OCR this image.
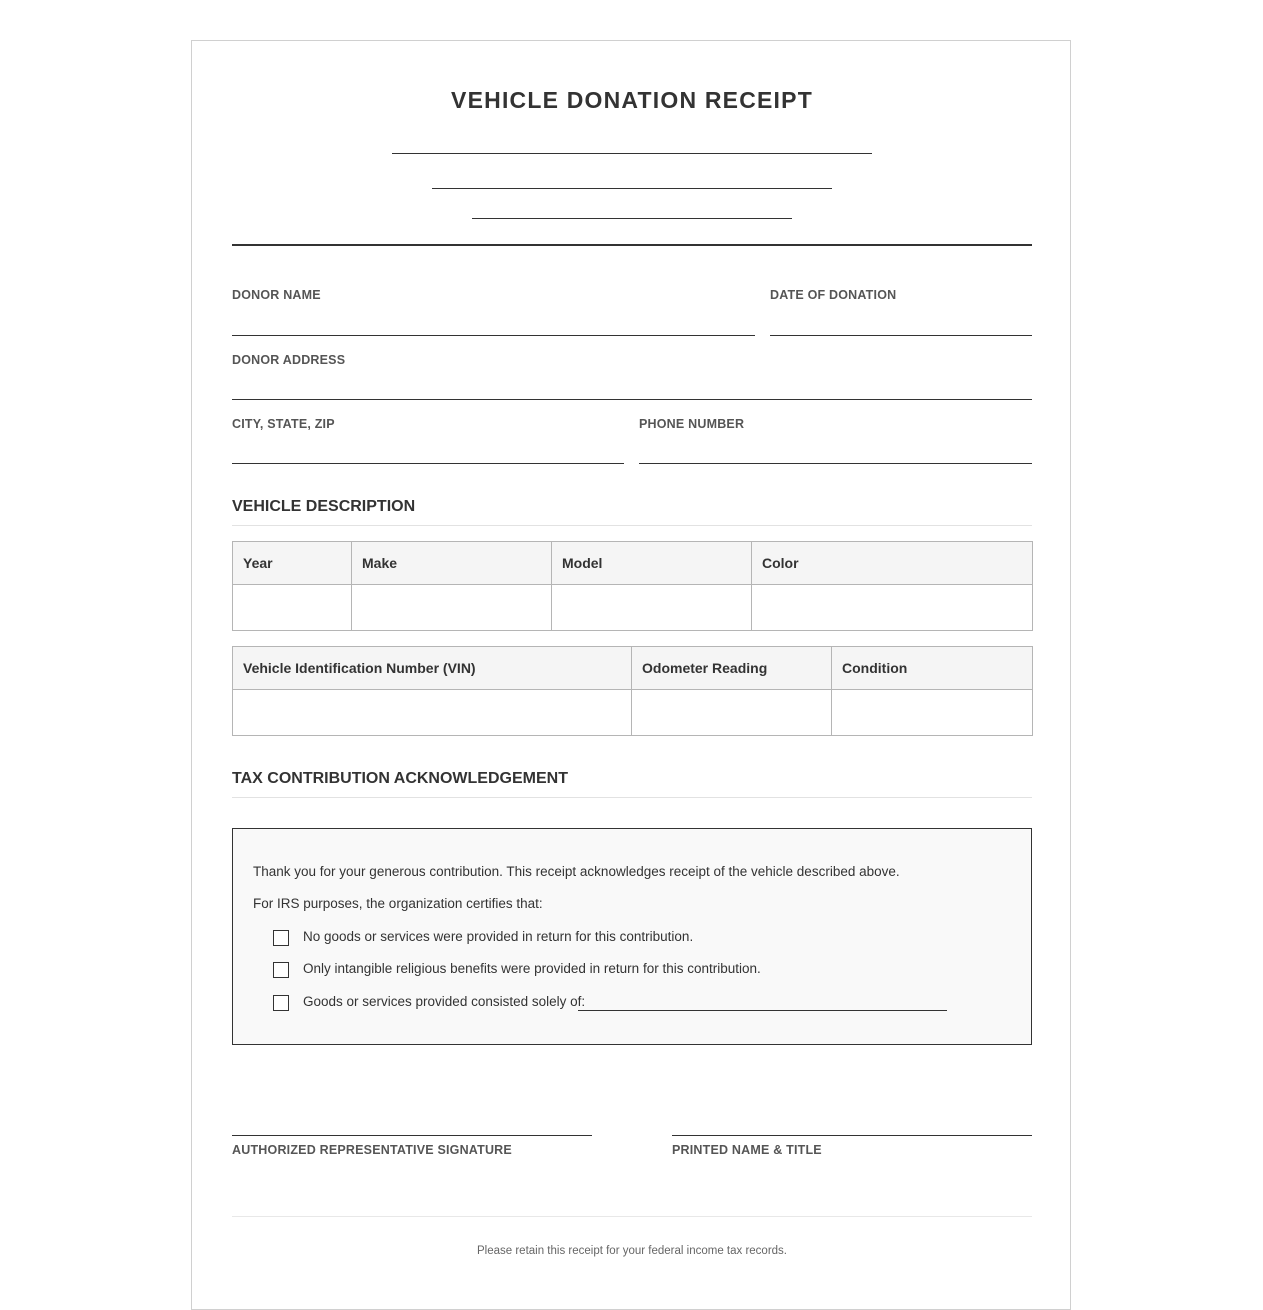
VEHICLE DONATION RECEIPT
DONOR NAME	DATE OF DONATION
DONOR ADDRESS
CITY, STATE, ZIP	PHONE NUMBER
VEHICLE DESCRIPTION
Year	Make	Model	Color

Vehicle Identification Number (VIN)	Odometer Reading	Condition

TAX CONTRIBUTION ACKNOWLEDGEMENT
Thank you for your generous contribution. This receipt acknowledges receipt of the vehicle described above.
For IRS purposes, the organization certifies that:
No goods or services were provided in return for this contribution.
Only intangible religious benefits were provided in return for this contribution.
Goods or services provided consisted solely of:
AUTHORIZED REPRESENTATIVE SIGNATURE	PRINTED NAME & TITLE
Please retain this receipt for your federal income tax records.
